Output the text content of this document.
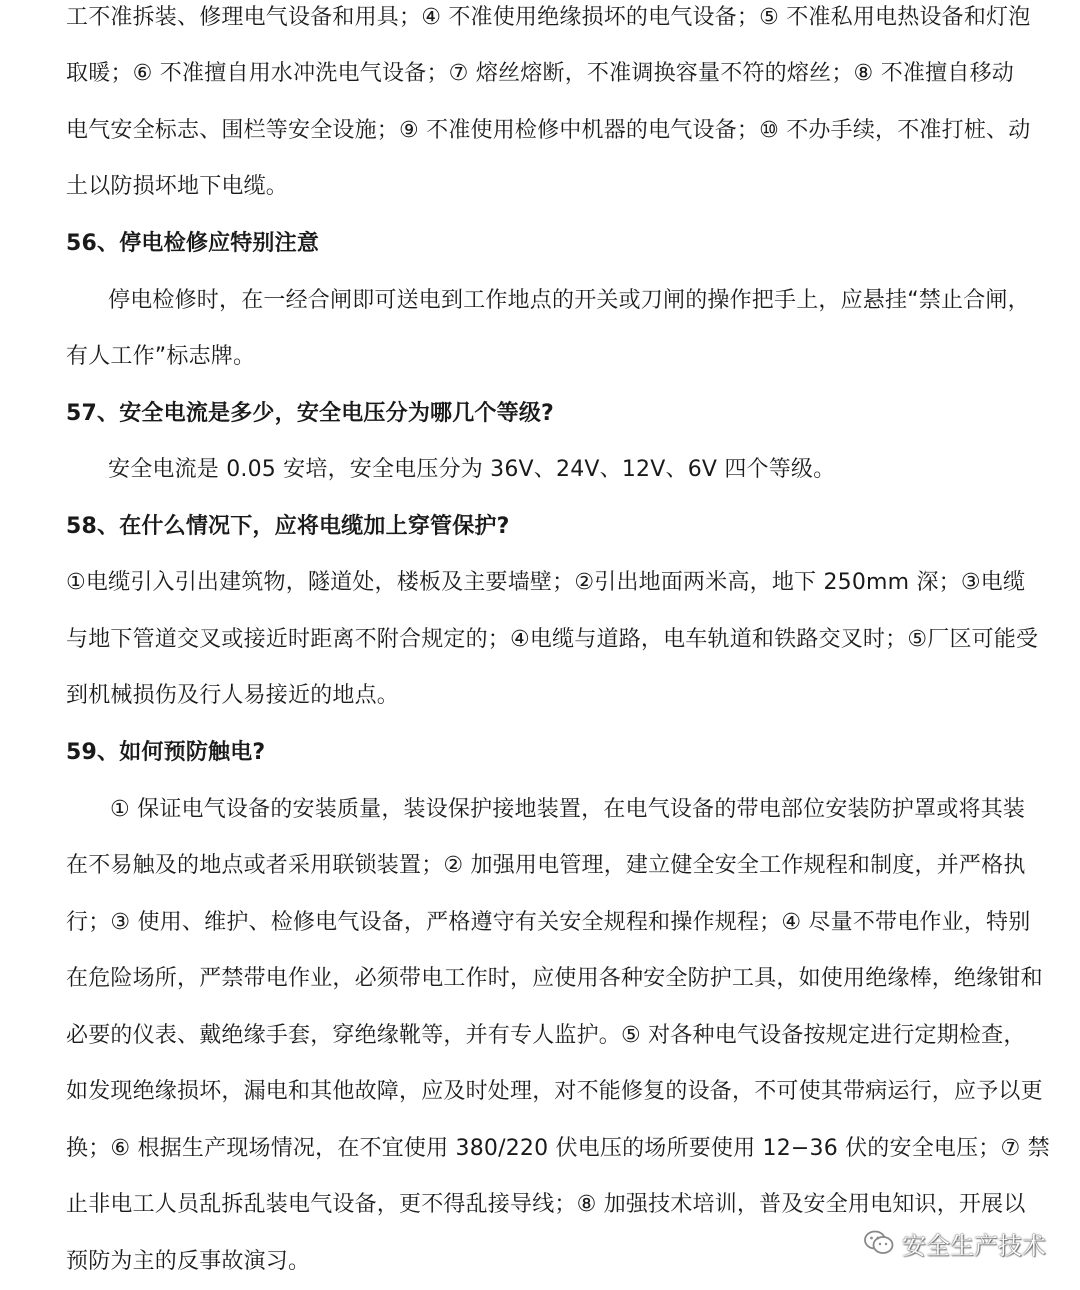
工不准拆装、修理电气设备和用具；④ 不准使用绝缘损坏的电气设备；⑤ 不准私用电热设备和灯泡
取暖；⑥ 不准擅自用水冲洗电气设备；⑦ 熔丝熔断，不准调换容量不符的熔丝；⑧ 不准擅自移动
电气安全标志、围栏等安全设施；⑨ 不准使用检修中机器的电气设备；⑩ 不办手续，不准打桩、动
土以防损坏地下电缆。
56、停电检修应特别注意
停电检修时，在一经合闸即可送电到工作地点的开关或刀闸的操作把手上，应悬挂“禁止合闸，
有人工作”标志牌。
57、安全电流是多少，安全电压分为哪几个等级?
安全电流是 0.05 安培，安全电压分为 36V、24V、12V、6V 四个等级。
58、在什么情况下，应将电缆加上穿管保护?
①电缆引入引出建筑物，隧道处，楼板及主要墙壁；②引出地面两米高，地下 250mm 深；③电缆
与地下管道交叉或接近时距离不附合规定的；④电缆与道路，电车轨道和铁路交叉时；⑤厂区可能受
到机械损伤及行人易接近的地点。
59、如何预防触电?
① 保证电气设备的安装质量，装设保护接地装置，在电气设备的带电部位安装防护罩或将其装
在不易触及的地点或者采用联锁装置；② 加强用电管理，建立健全安全工作规程和制度，并严格执
行；③ 使用、维护、检修电气设备，严格遵守有关安全规程和操作规程；④ 尽量不带电作业，特别
在危险场所，严禁带电作业，必须带电工作时，应使用各种安全防护工具，如使用绝缘棒，绝缘钳和
必要的仪表、戴绝缘手套，穿绝缘靴等，并有专人监护。⑤ 对各种电气设备按规定进行定期检查，
如发现绝缘损坏，漏电和其他故障，应及时处理，对不能修复的设备，不可使其带病运行，应予以更
换；⑥ 根据生产现场情况，在不宜使用 380/220 伏电压的场所要使用 12−36 伏的安全电压；⑦ 禁
止非电工人员乱拆乱装电气设备，更不得乱接导线；⑧ 加强技术培训，普及安全用电知识，开展以
预防为主的反事故演习。
安全生产技术
